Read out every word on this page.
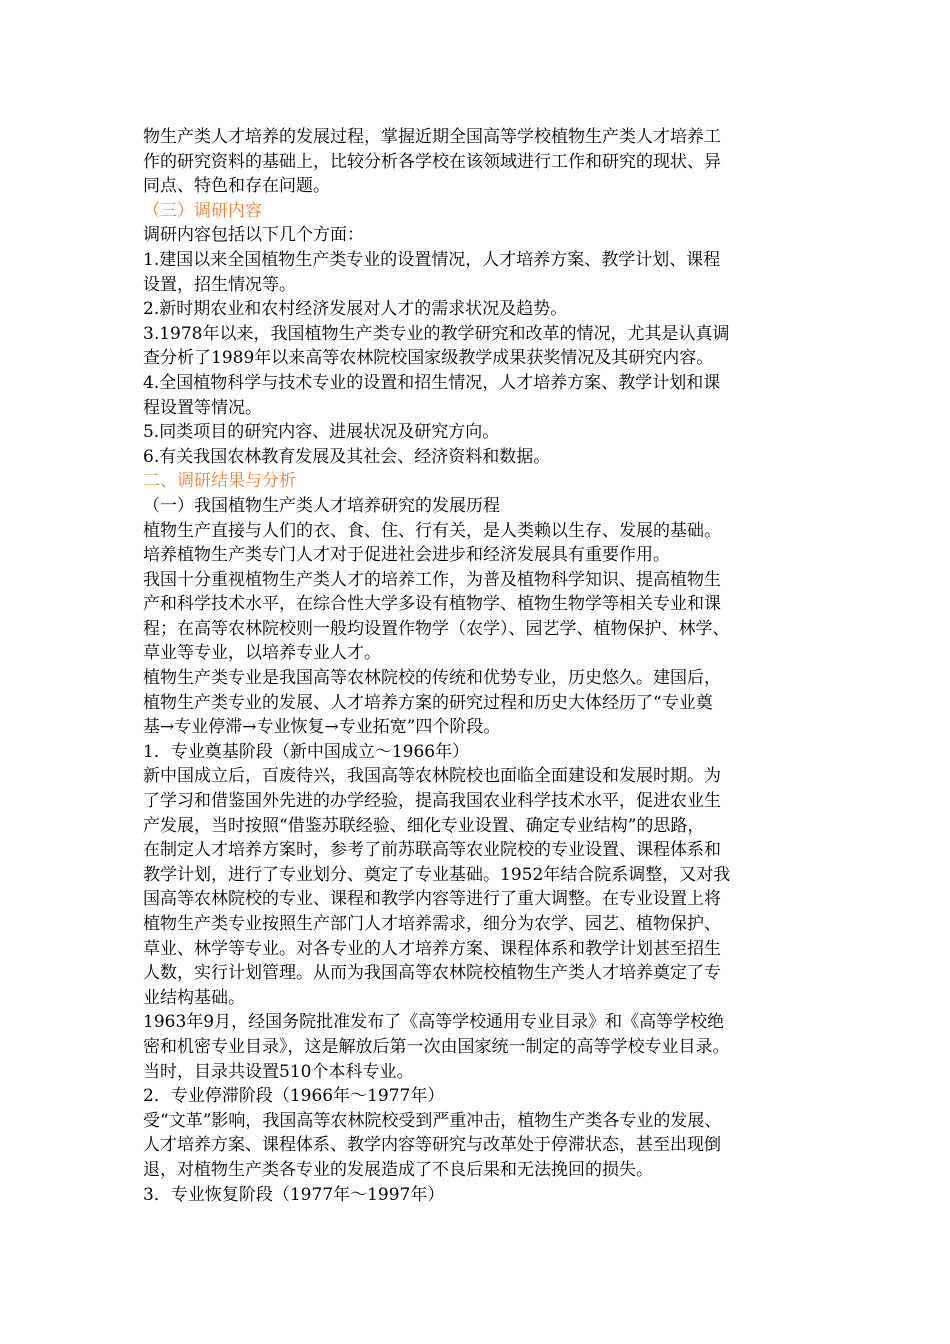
物生产类人才培养的发展过程，掌握近期全国高等学校植物生产类人才培养工

作的研究资料的基础上，比较分析各学校在该领域进行工作和研究的现状、异

同点、特色和存在问题。

（三）调研内容

调研内容包括以下几个方面：

1.建国以来全国植物生产类专业的设置情况，人才培养方案、教学计划、课程

设置，招生情况等。

2.新时期农业和农村经济发展对人才的需求状况及趋势。

3.1978年以来，我国植物生产类专业的教学研究和改革的情况，尤其是认真调

查分析了1989年以来高等农林院校国家级教学成果获奖情况及其研究内容。

4.全国植物科学与技术专业的设置和招生情况，人才培养方案、教学计划和课

程设置等情况。

5.同类项目的研究内容、进展状况及研究方向。

6.有关我国农林教育发展及其社会、经济资料和数据。

二、调研结果与分析

（一）我国植物生产类人才培养研究的发展历程

植物生产直接与人们的衣、食、住、行有关，是人类赖以生存、发展的基础。

培养植物生产类专门人才对于促进社会进步和经济发展具有重要作用。

我国十分重视植物生产类人才的培养工作，为普及植物科学知识、提高植物生

产和科学技术水平，在综合性大学多设有植物学、植物生物学等相关专业和课

程；在高等农林院校则一般均设置作物学（农学）、园艺学、植物保护、林学、

草业等专业，以培养专业人才。

植物生产类专业是我国高等农林院校的传统和优势专业，历史悠久。建国后，

植物生产类专业的发展、人才培养方案的研究过程和历史大体经历了“专业奠

基→专业停滞→专业恢复→专业拓宽”四个阶段。

1．专业奠基阶段（新中国成立～1966年）

新中国成立后，百废待兴，我国高等农林院校也面临全面建设和发展时期。为

了学习和借鉴国外先进的办学经验，提高我国农业科学技术水平，促进农业生

产发展，当时按照“借鉴苏联经验、细化专业设置、确定专业结构”的思路，

在制定人才培养方案时，参考了前苏联高等农业院校的专业设置、课程体系和

教学计划，进行了专业划分、奠定了专业基础。1952年结合院系调整，又对我

国高等农林院校的专业、课程和教学内容等进行了重大调整。在专业设置上将

植物生产类专业按照生产部门人才培养需求，细分为农学、园艺、植物保护、

草业、林学等专业。对各专业的人才培养方案、课程体系和教学计划甚至招生

人数，实行计划管理。从而为我国高等农林院校植物生产类人才培养奠定了专

业结构基础。

1963年9月，经国务院批准发布了《高等学校通用专业目录》和《高等学校绝

密和机密专业目录》，这是解放后第一次由国家统一制定的高等学校专业目录。

当时，目录共设置510个本科专业。

2．专业停滞阶段（1966年～1977年）

受“文革”影响，我国高等农林院校受到严重冲击，植物生产类各专业的发展、

人才培养方案、课程体系、教学内容等研究与改革处于停滞状态，甚至出现倒

退，对植物生产类各专业的发展造成了不良后果和无法挽回的损失。

3．专业恢复阶段（1977年～1997年）
